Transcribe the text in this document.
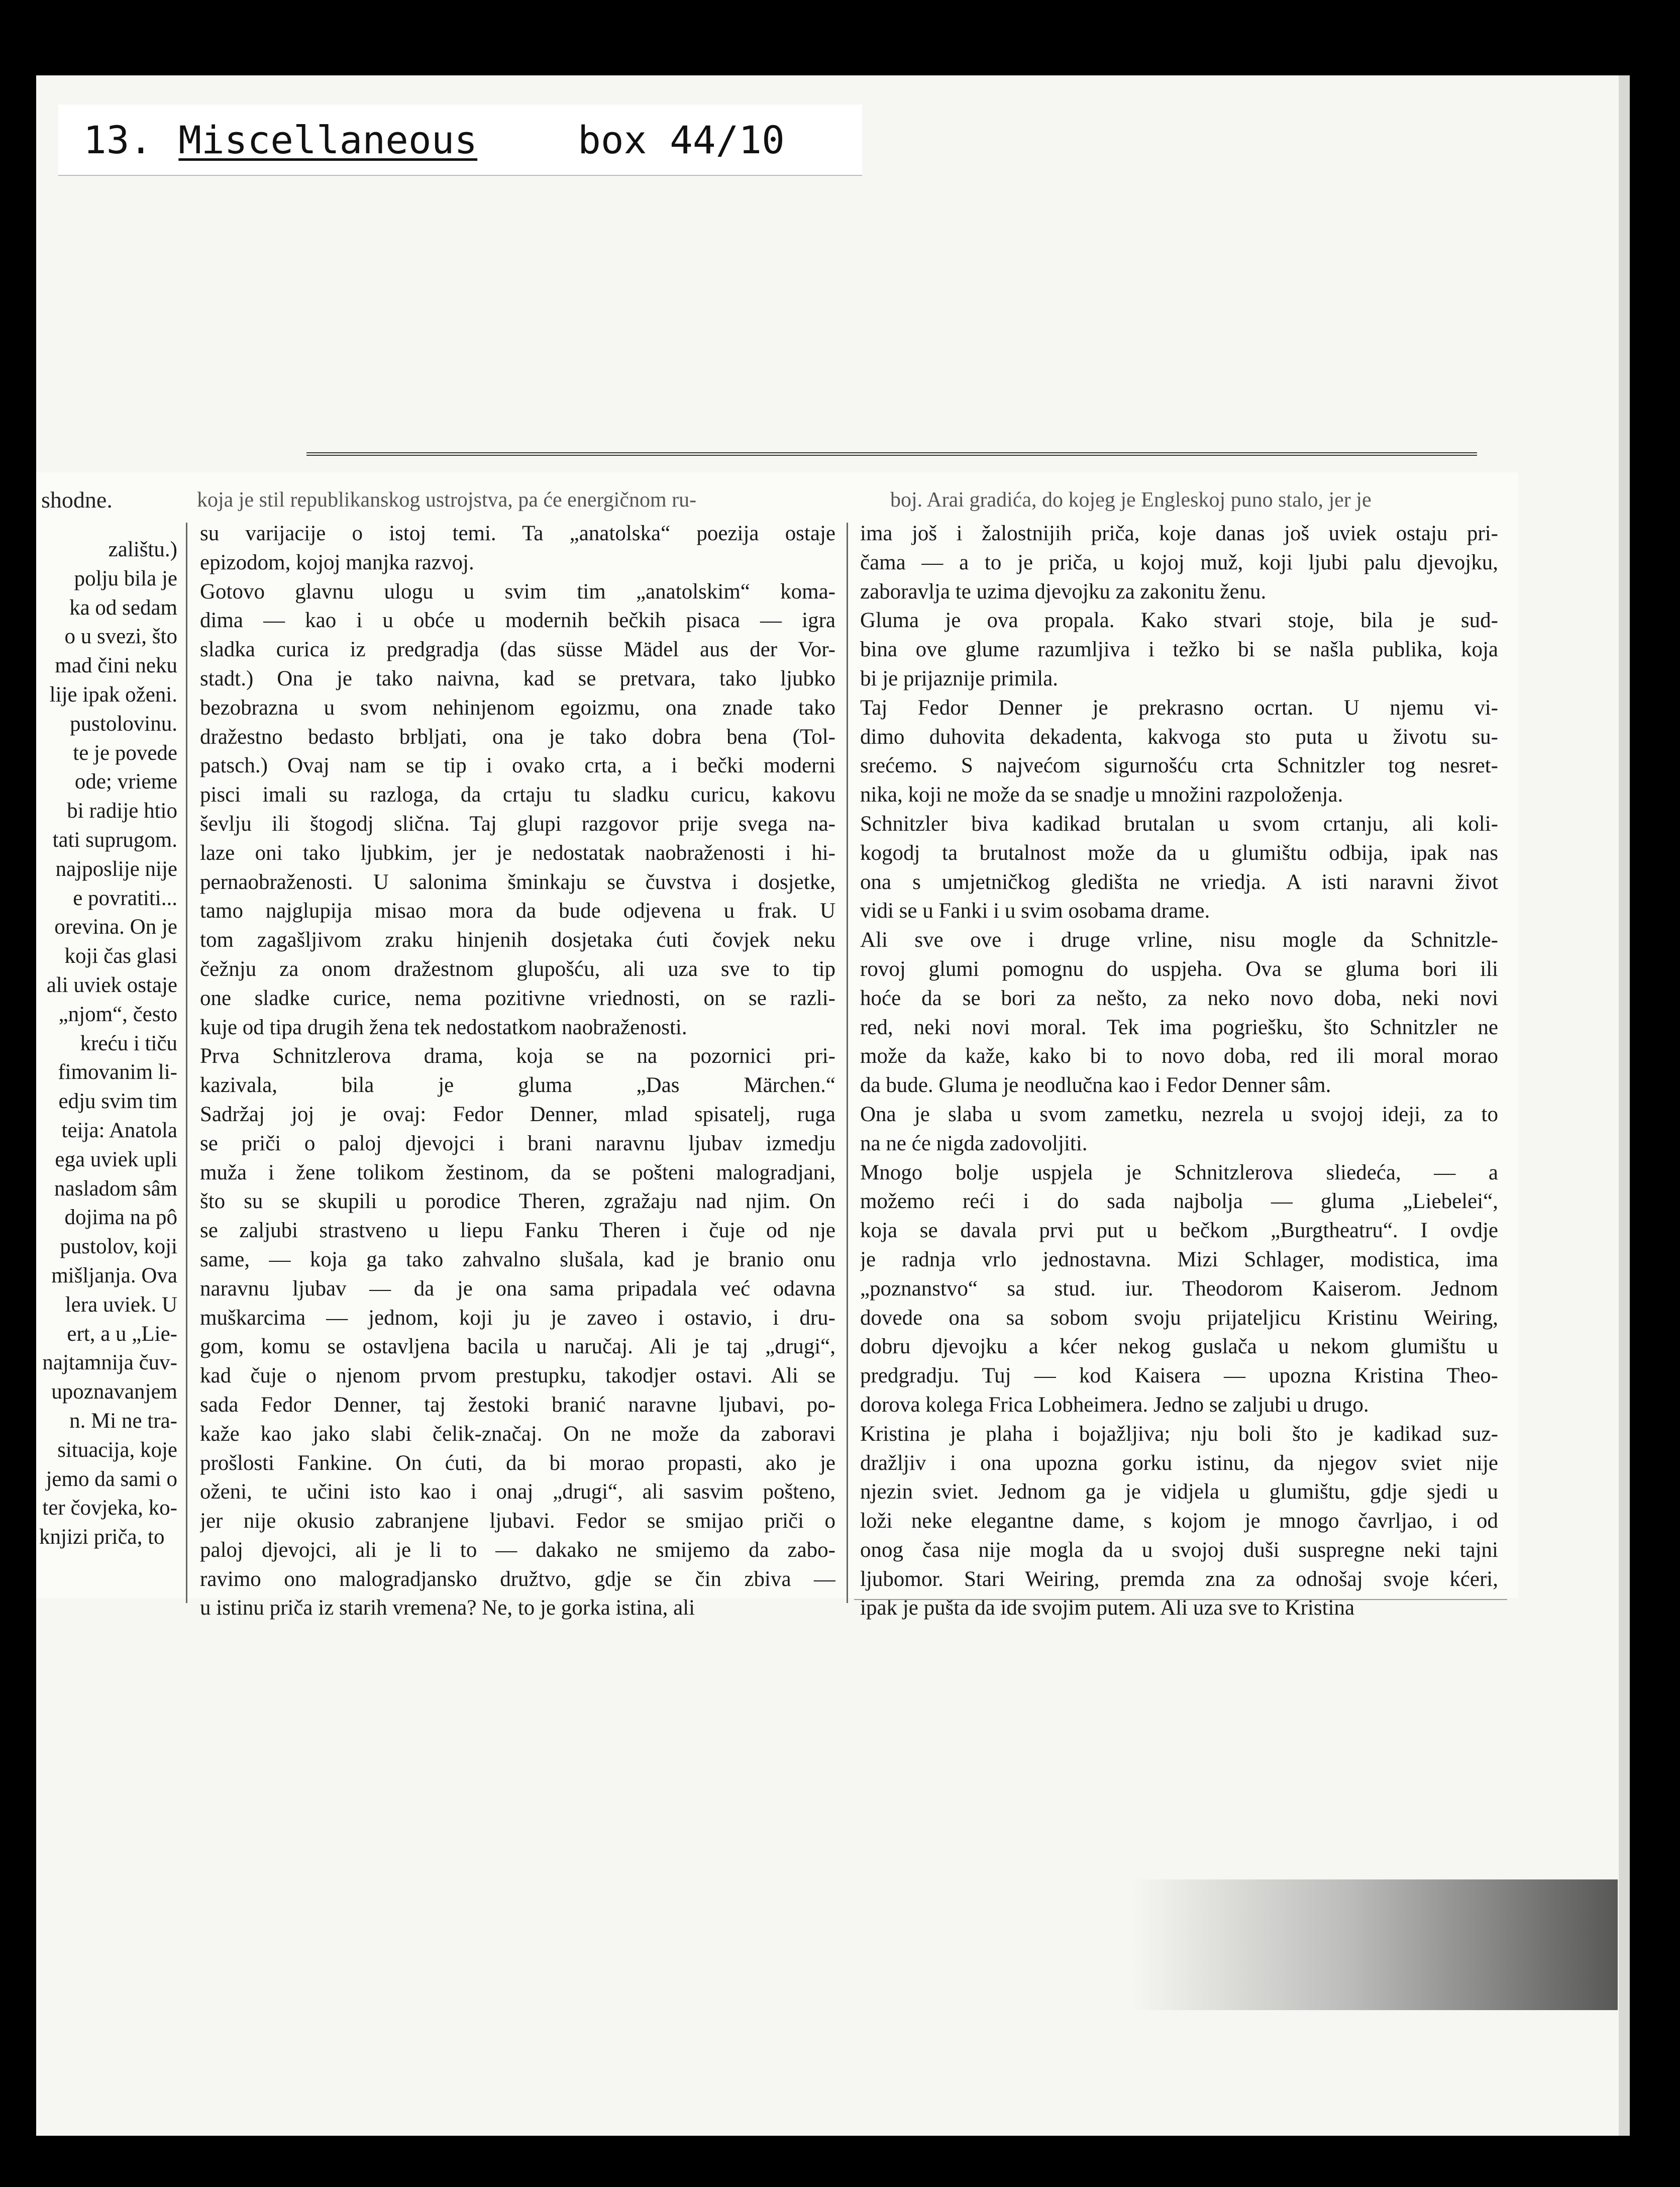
13. Miscellaneous	box 44/10
shodne.	koja je stil republikanskog ustrojstva, pa će energičnom ru-	boj. Arai gradića, do kojeg je Engleskoj puno stalo, jer je

zalištu.)

polju bila je

ka od sedam

o u svezi, što

mad čini neku

lije ipak oženi.

pustolovinu.

te je povede

ode; vrieme

bi radije htio

tati suprugom.

najposlije nije

e povratiti...

orevina. On je

koji čas glasi

ali uviek ostaje

„njom“, često

kreću i tiču

fimovanim li-

edju svim tim

teija: Anatola

ega uviek upli

nasladom sâm

dojima na pô

pustolov, koji

mišljanja. Ova

lera uviek. U

ert, a u „Lie-

najtamnija čuv-

upoznavanjem

n. Mi ne tra-

situacija, koje

jemo da sami o

ter čovjeka, ko-

knjizi priča, to

su varijacije o istoj temi. Ta „anatolska“ poezija ostaje

epizodom, kojoj manjka razvoj.

Gotovo glavnu ulogu u svim tim „anatolskim“ koma-

dima — kao i u obće u modernih bečkih pisaca — igra

sladka curica iz predgradja (das süsse Mädel aus der Vor-

stadt.) Ona je tako naivna, kad se pretvara, tako ljubko

bezobrazna u svom nehinjenom egoizmu, ona znade tako

dražestno bedasto brbljati, ona je tako dobra bena (Tol-

patsch.) Ovaj nam se tip i ovako crta, a i bečki moderni

pisci imali su razloga, da crtaju tu sladku curicu, kakovu

ševlju ili štogodj slična. Taj glupi razgovor prije svega na-

laze oni tako ljubkim, jer je nedostatak naobraženosti i hi-

pernaobraženosti. U salonima šminkaju se čuvstva i dosjetke,

tamo najglupija misao mora da bude odjevena u frak. U

tom zagašljivom zraku hinjenih dosjetaka ćuti čovjek neku

čežnju za onom dražestnom glupošću, ali uza sve to tip

one sladke curice, nema pozitivne vriednosti, on se razli-

kuje od tipa drugih žena tek nedostatkom naobraženosti.

Prva Schnitzlerova drama, koja se na pozornici pri-

kazivala, bila je gluma „Das Märchen.“

Sadržaj joj je ovaj: Fedor Denner, mlad spisatelj, ruga

se priči o paloj djevojci i brani naravnu ljubav izmedju

muža i žene tolikom žestinom, da se pošteni malogradjani,

što su se skupili u porodice Theren, zgražaju nad njim. On

se zaljubi strastveno u liepu Fanku Theren i čuje od nje

same, — koja ga tako zahvalno slušala, kad je branio onu

naravnu ljubav — da je ona sama pripadala već odavna

muškarcima — jednom, koji ju je zaveo i ostavio, i dru-

gom, komu se ostavljena bacila u naručaj. Ali je taj „drugi“,

kad čuje o njenom prvom prestupku, takodjer ostavi. Ali se

sada Fedor Denner, taj žestoki branić naravne ljubavi, po-

kaže kao jako slabi čelik-značaj. On ne može da zaboravi

prošlosti Fankine. On ćuti, da bi morao propasti, ako je

oženi, te učini isto kao i onaj „drugi“, ali sasvim pošteno,

jer nije okusio zabranjene ljubavi. Fedor se smijao priči o

paloj djevojci, ali je li to — dakako ne smijemo da zabo-

ravimo ono malogradjansko družtvo, gdje se čin zbiva —

u istinu priča iz starih vremena? Ne, to je gorka istina, ali

ima još i žalostnijih priča, koje danas još uviek ostaju pri-

čama — a to je priča, u kojoj muž, koji ljubi palu djevojku,

zaboravlja te uzima djevojku za zakonitu ženu.

Gluma je ova propala. Kako stvari stoje, bila je sud-

bina ove glume razumljiva i težko bi se našla publika, koja

bi je prijaznije primila.

Taj Fedor Denner je prekrasno ocrtan. U njemu vi-

dimo duhovita dekadenta, kakvoga sto puta u životu su-

srećemo. S najvećom sigurnošću crta Schnitzler tog nesret-

nika, koji ne može da se snadje u množini razpoloženja.

Schnitzler biva kadikad brutalan u svom crtanju, ali koli-

kogodj ta brutalnost može da u glumištu odbija, ipak nas

ona s umjetničkog gledišta ne vriedja. A isti naravni život

vidi se u Fanki i u svim osobama drame.

Ali sve ove i druge vrline, nisu mogle da Schnitzle-

rovoj glumi pomognu do uspjeha. Ova se gluma bori ili

hoće da se bori za nešto, za neko novo doba, neki novi

red, neki novi moral. Tek ima pogriešku, što Schnitzler ne

može da kaže, kako bi to novo doba, red ili moral morao

da bude. Gluma je neodlučna kao i Fedor Denner sâm.

Ona je slaba u svom zametku, nezrela u svojoj ideji, za to

na ne će nigda zadovoljiti.

Mnogo bolje uspjela je Schnitzlerova sliedeća, — a

možemo reći i do sada najbolja — gluma „Liebelei“,

koja se davala prvi put u bečkom „Burgtheatru“. I ovdje

je radnja vrlo jednostavna. Mizi Schlager, modistica, ima

„poznanstvo“ sa stud. iur. Theodorom Kaiserom. Jednom

dovede ona sa sobom svoju prijateljicu Kristinu Weiring,

dobru djevojku a kćer nekog guslača u nekom glumištu u

predgradju. Tuj — kod Kaisera — upozna Kristina Theo-

dorova kolega Frica Lobheimera. Jedno se zaljubi u drugo.

Kristina je plaha i bojažljiva; nju boli što je kadikad suz-

dražljiv i ona upozna gorku istinu, da njegov sviet nije

njezin sviet. Jednom ga je vidjela u glumištu, gdje sjedi u

loži neke elegantne dame, s kojom je mnogo čavrljao, i od

onog časa nije mogla da u svojoj duši suspregne neki tajni

ljubomor. Stari Weiring, premda zna za odnošaj svoje kćeri,

ipak je pušta da ide svojim putem. Ali uza sve to Kristina
